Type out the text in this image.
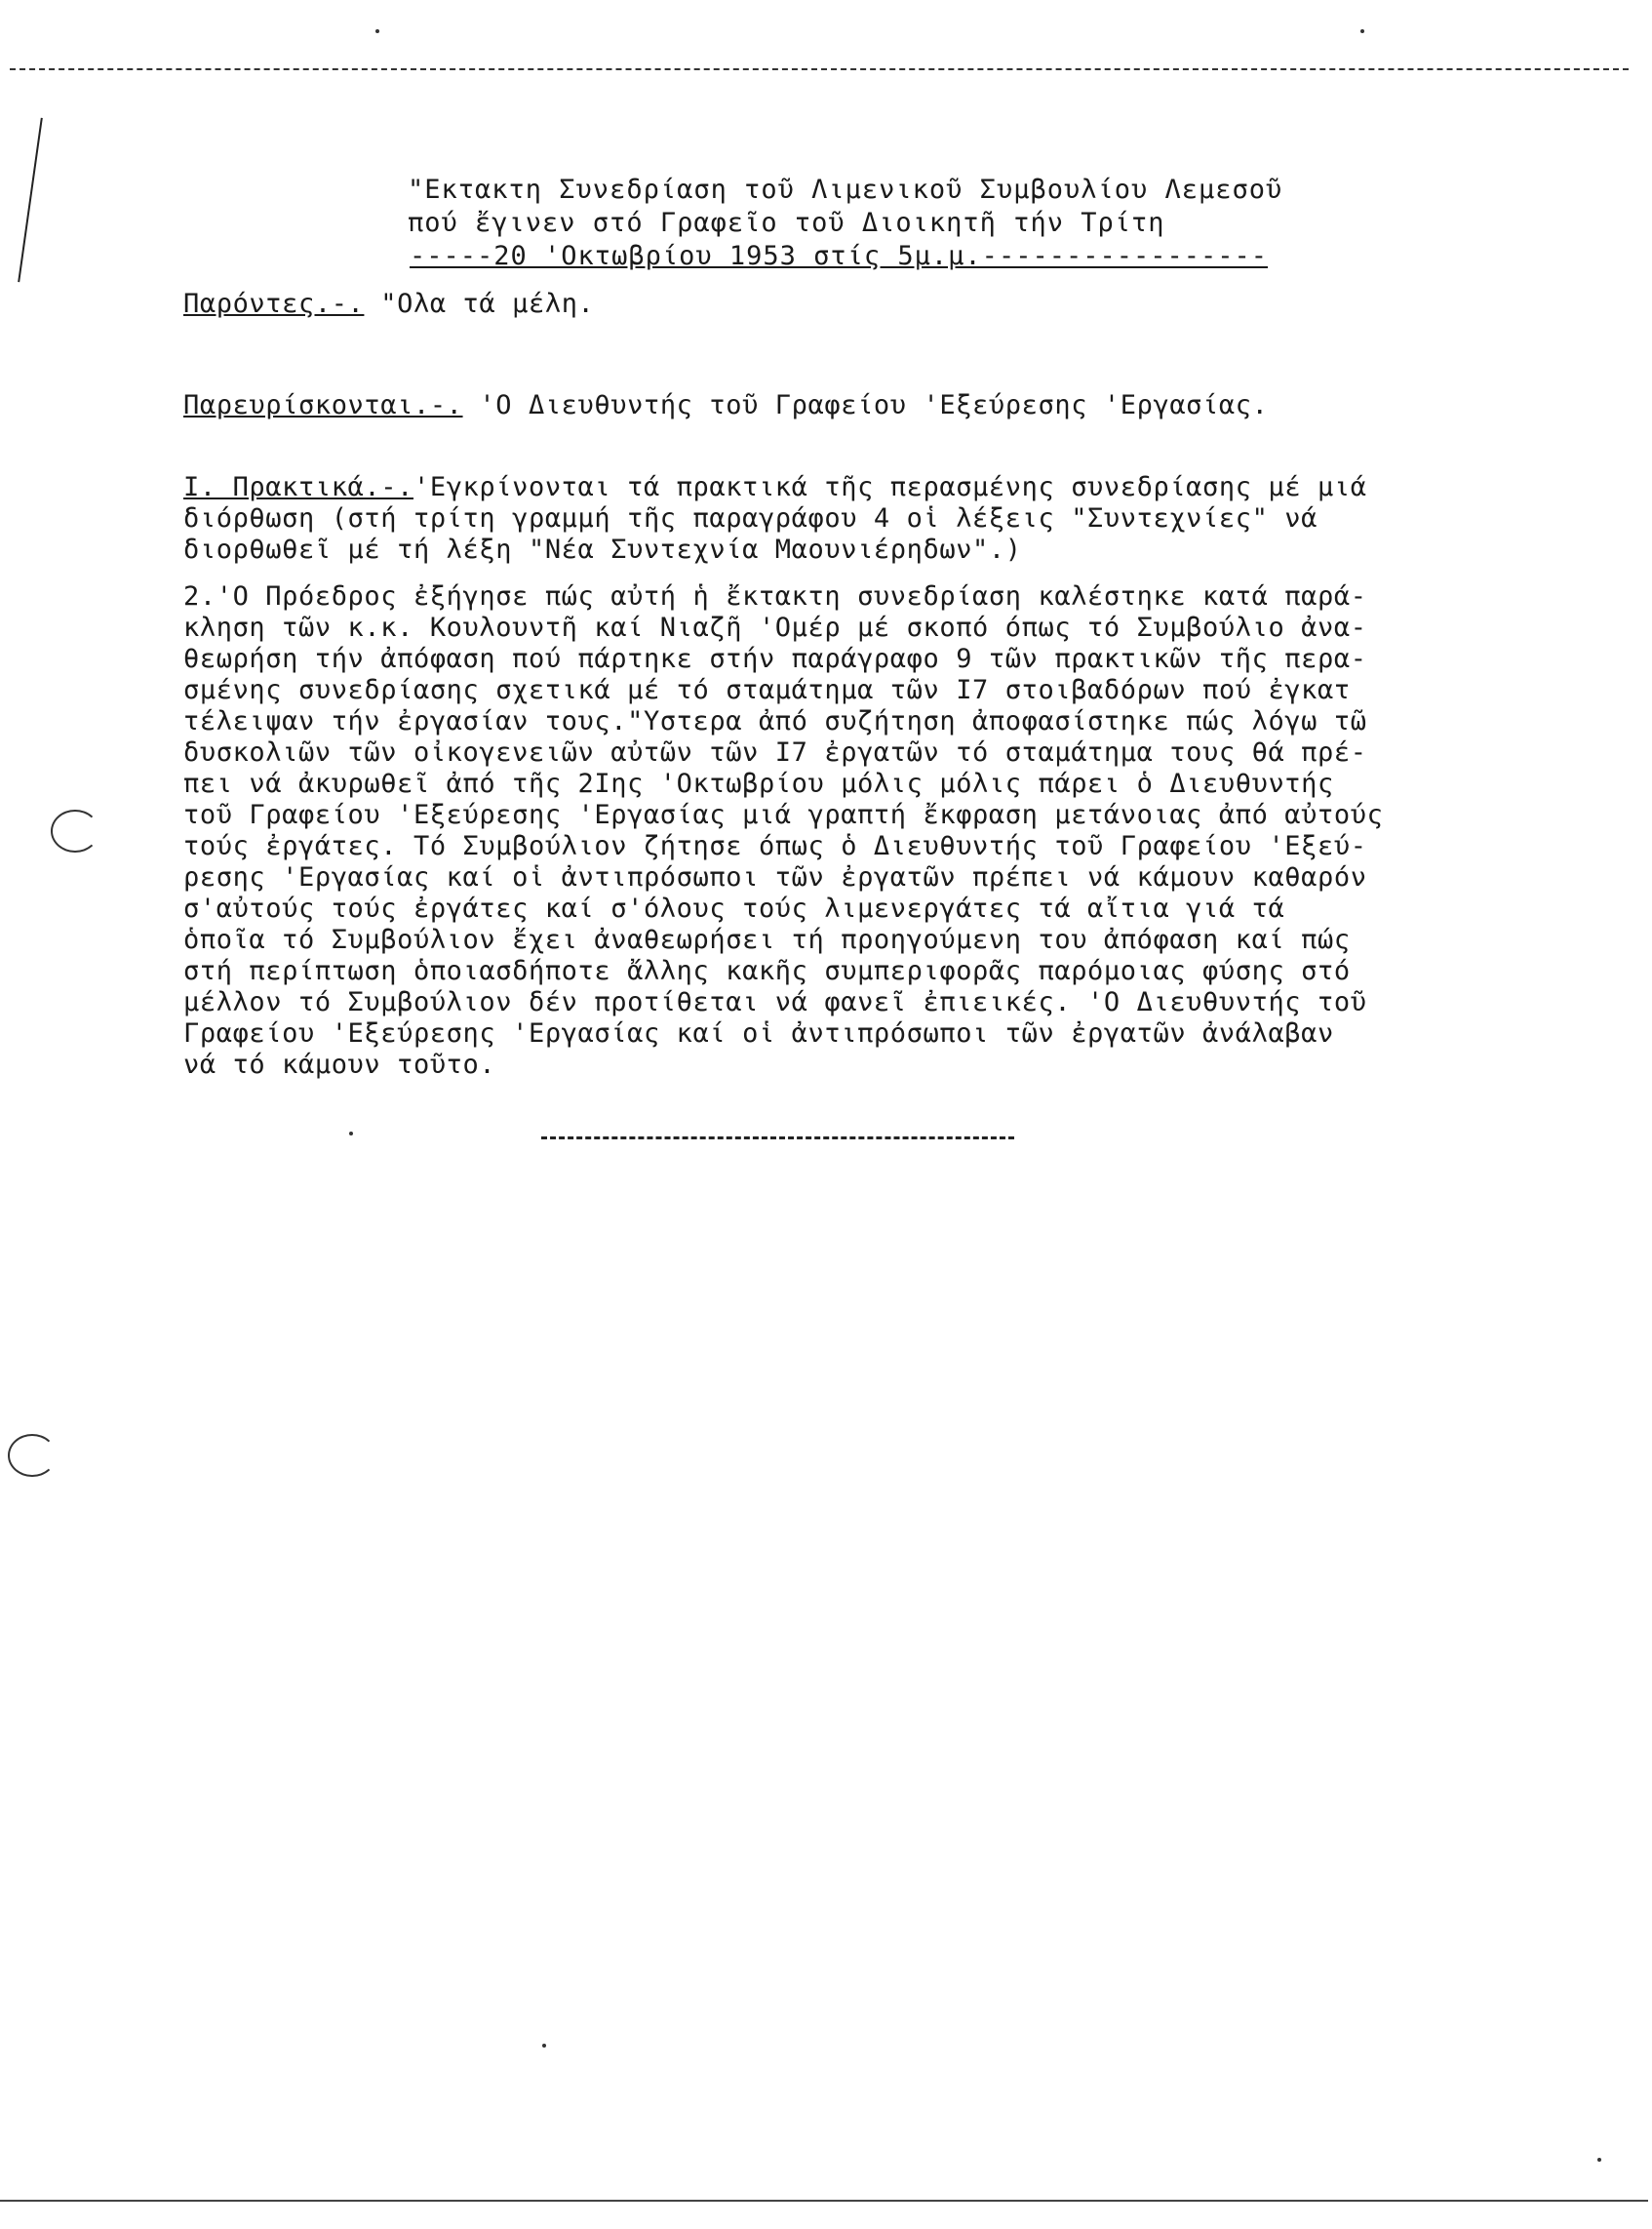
"Εκτακτη Συνεδρίαση τοῦ Λιμενικοῦ Συμβουλίου Λεμεσοῦ
πού ἔγινεν στό Γραφεῖο τοῦ Διοικητῆ τήν Τρίτη
-----20 'Οκτωβρίου 1953 στίς 5μ.μ.-----------------
Παρόντες.-. "Ολα τά μέλη.
Παρευρίσκονται.-. 'Ο Διευθυντής τοῦ Γραφείου 'Εξεύρεσης 'Εργασίας.
I. Πρακτικά.-.'Εγκρίνονται τά πρακτικά τῆς περασμένης συνεδρίασης μέ μιά
διόρθωση (στή τρίτη γραμμή τῆς παραγράφου 4 οἱ λέξεις "Συντεχνίες" νά
διορθωθεῖ μέ τή λέξη "Νέα Συντεχνία Μαουνιέρηδων".)
2.'Ο Πρόεδρος ἐξήγησε πώς αὐτή ἡ ἔκτακτη συνεδρίαση καλέστηκε κατά παρά-
κληση τῶν κ.κ. Κουλουντῆ καί Νιαζῆ 'Ομέρ μέ σκοπό όπως τό Συμβούλιο ἀνα-
θεωρήση τήν ἀπόφαση πού πάρτηκε στήν παράγραφο 9 τῶν πρακτικῶν τῆς περα-
σμένης συνεδρίασης σχετικά μέ τό σταμάτημα τῶν I7 στοιβαδόρων πού ἐγκατ
τέλειψαν τήν ἐργασίαν τους."Υστερα ἀπό συζήτηση ἀποφασίστηκε πώς λόγω τῶ
δυσκολιῶν τῶν οἰκογενειῶν αὐτῶν τῶν I7 ἐργατῶν τό σταμάτημα τους θά πρέ-
πει νά ἀκυρωθεῖ ἀπό τῆς 2Iης 'Οκτωβρίου μόλις μόλις πάρει ὁ Διευθυντής
τοῦ Γραφείου 'Εξεύρεσης 'Εργασίας μιά γραπτή ἔκφραση μετάνοιας ἀπό αὐτούς
τούς ἐργάτες. Τό Συμβούλιον ζήτησε όπως ὁ Διευθυντής τοῦ Γραφείου 'Εξεύ-
ρεσης 'Εργασίας καί οἱ ἀντιπρόσωποι τῶν ἐργατῶν πρέπει νά κάμουν καθαρόν
σ'αὐτούς τούς ἐργάτες καί σ'όλους τούς λιμενεργάτες τά αἴτια γιά τά
ὁποῖα τό Συμβούλιον ἔχει ἀναθεωρήσει τή προηγούμενη του ἀπόφαση καί πώς
στή περίπτωση ὁποιασδήποτε ἄλλης κακῆς συμπεριφορᾶς παρόμοιας φύσης στό
μέλλον τό Συμβούλιον δέν προτίθεται νά φανεῖ ἐπιεικές. 'Ο Διευθυντής τοῦ
Γραφείου 'Εξεύρεσης 'Εργασίας καί οἱ ἀντιπρόσωποι τῶν ἐργατῶν ἀνάλαβαν
νά τό κάμουν τοῦτο.
